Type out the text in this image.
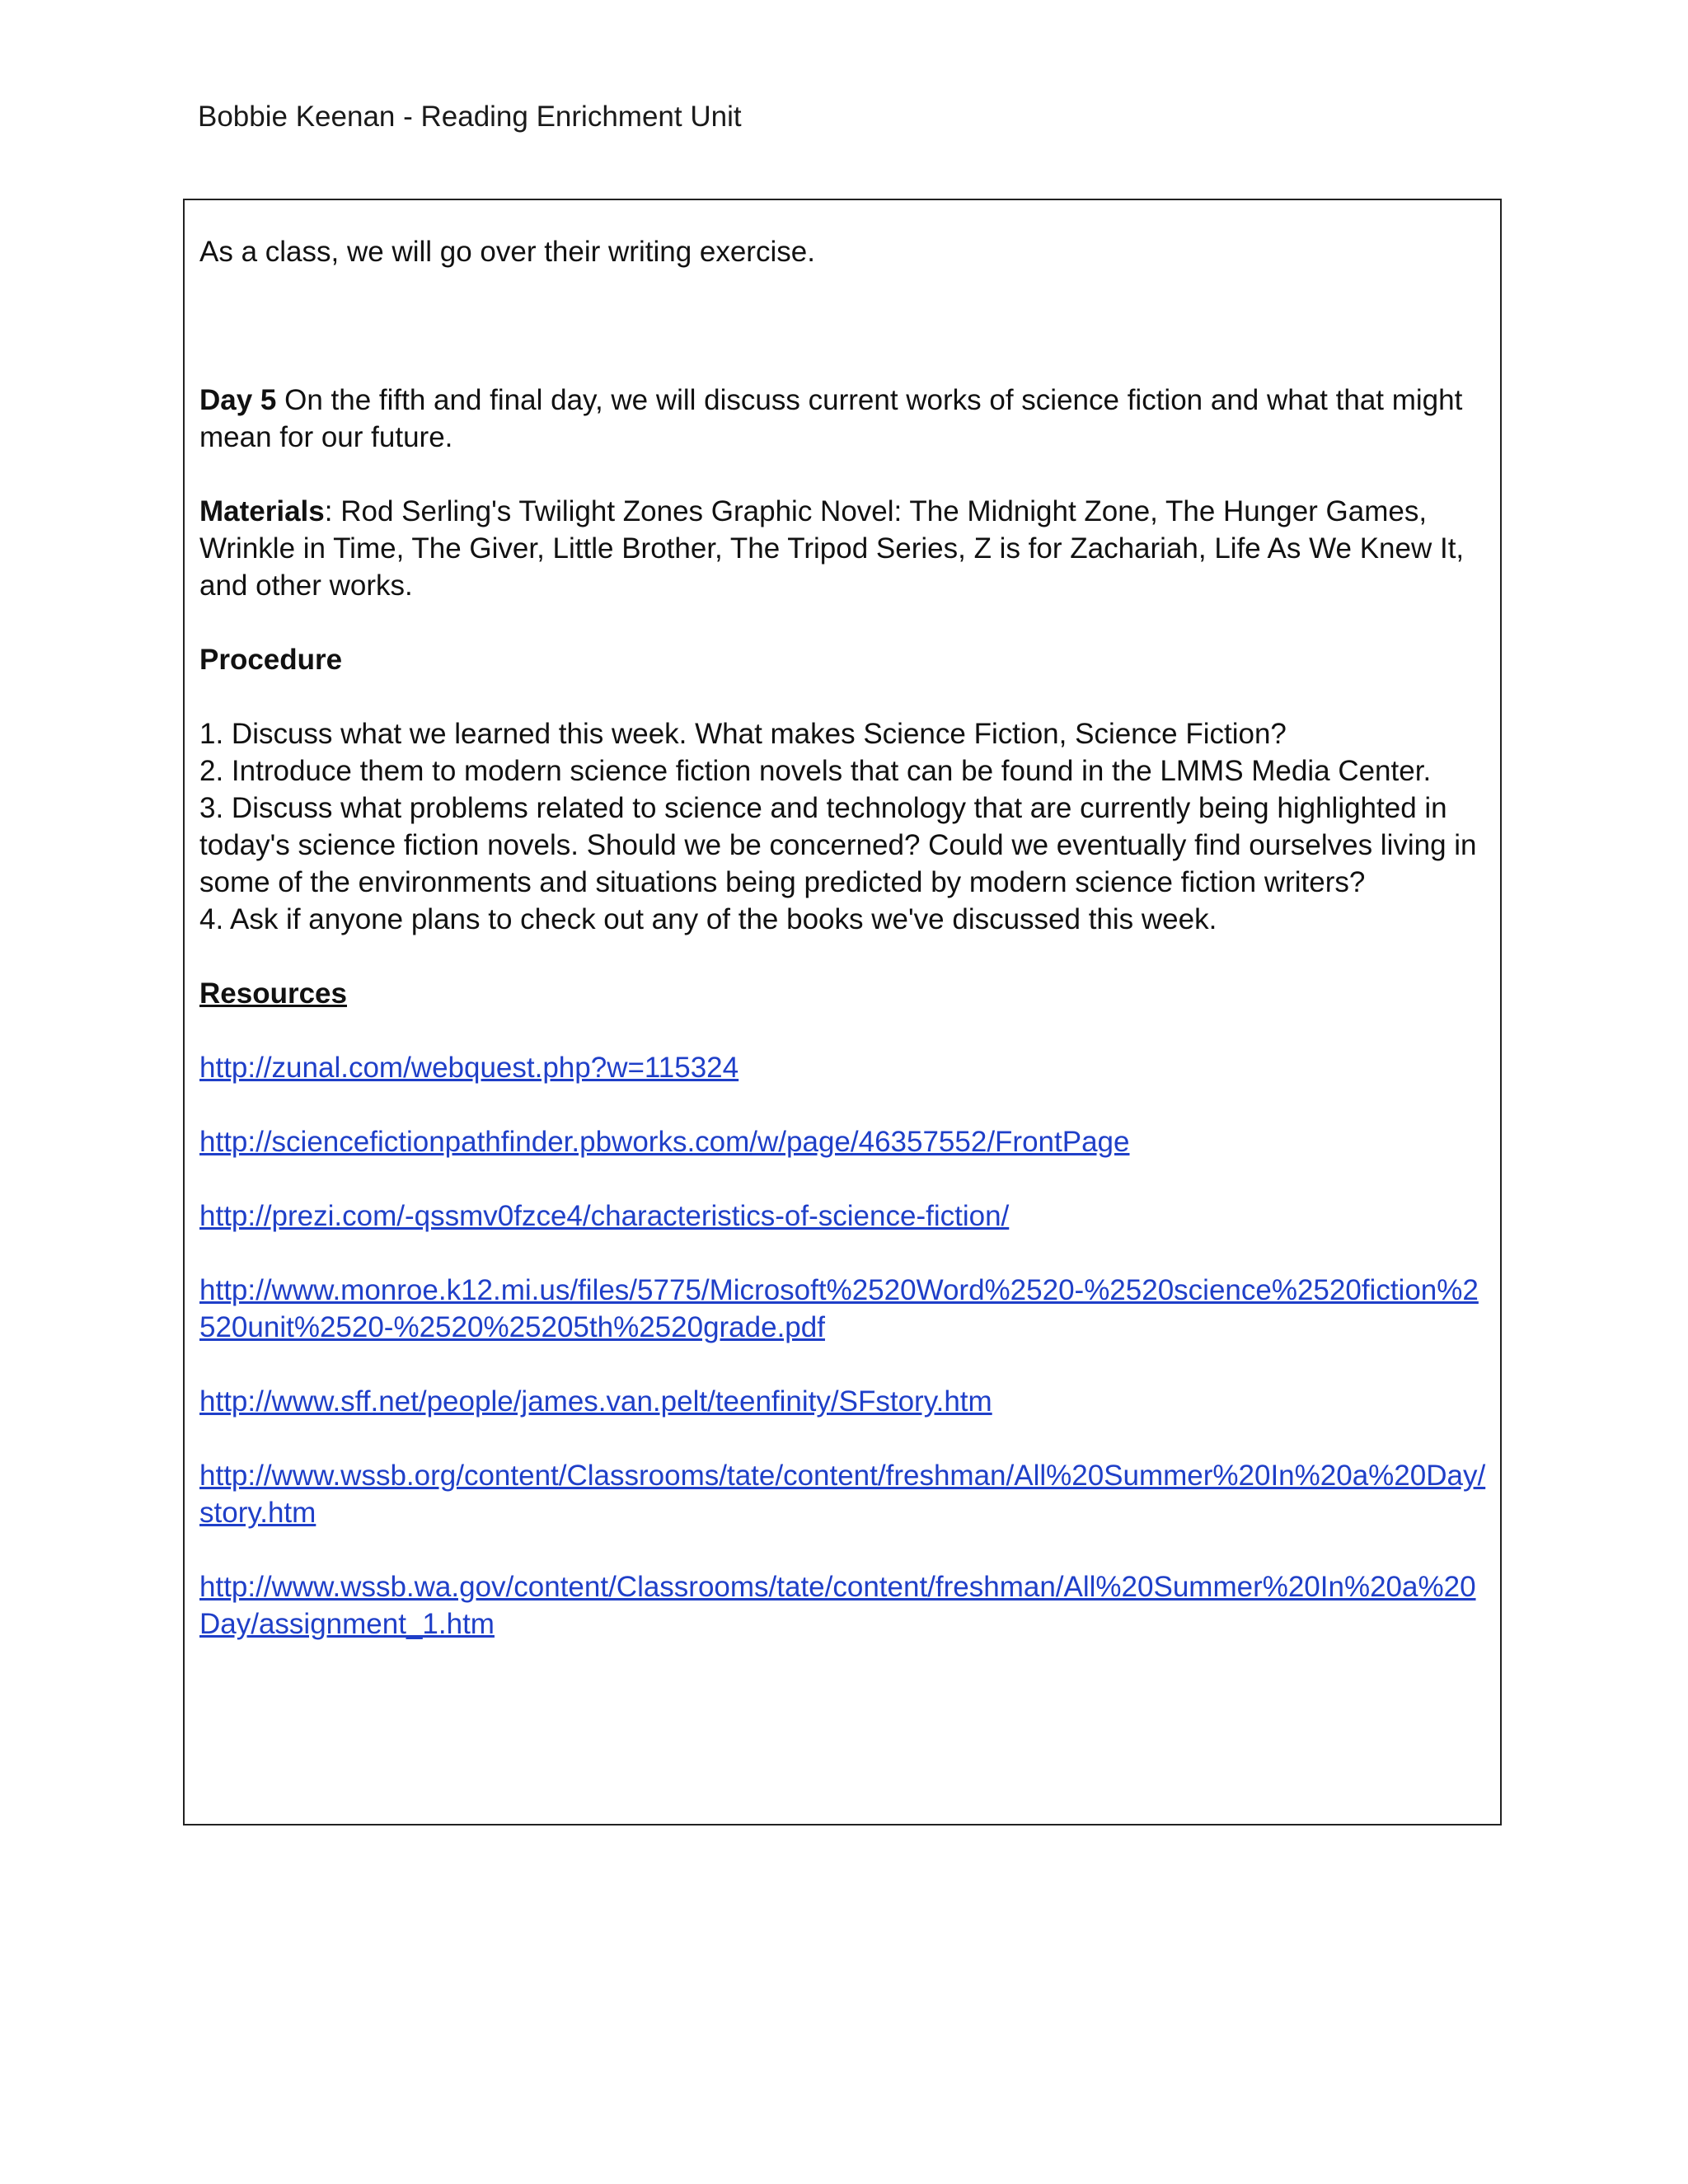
Bobbie Keenan - Reading Enrichment Unit

As a class, we will go over their writing exercise.

Day 5 On the fifth and final day, we will discuss current works of science fiction and what that might mean for our future.

Materials: Rod Serling's Twilight Zones Graphic Novel: The Midnight Zone, The Hunger Games, Wrinkle in Time, The Giver, Little Brother, The Tripod Series, Z is for Zachariah, Life As We Knew It, and other works.

Procedure

1. Discuss what we learned this week. What makes Science Fiction, Science Fiction?

2. Introduce them to modern science fiction novels that can be found in the LMMS Media Center.

3. Discuss what problems related to science and technology that are currently being highlighted in today's science fiction novels. Should we be concerned? Could we eventually find ourselves living in some of the environments and situations being predicted by modern science fiction writers?

4. Ask if anyone plans to check out any of the books we've discussed this week.

Resources

http://zunal.com/webquest.php?w=115324
http://sciencefictionpathfinder.pbworks.com/w/page/46357552/FrontPage
http://prezi.com/-qssmv0fzce4/characteristics-of-science-fiction/
http://www.monroe.k12.mi.us/files/5775/Microsoft%2520Word%2520-%2520science%2520fiction%2520unit%2520-%2520%25205th%2520grade.pdf
http://www.sff.net/people/james.van.pelt/teenfinity/SFstory.htm
http://www.wssb.org/content/Classrooms/tate/content/freshman/All%20Summer%20In%20a%20Day/story.htm
http://www.wssb.wa.gov/content/Classrooms/tate/content/freshman/All%20Summer%20In%20a%20Day/assignment_1.htm
